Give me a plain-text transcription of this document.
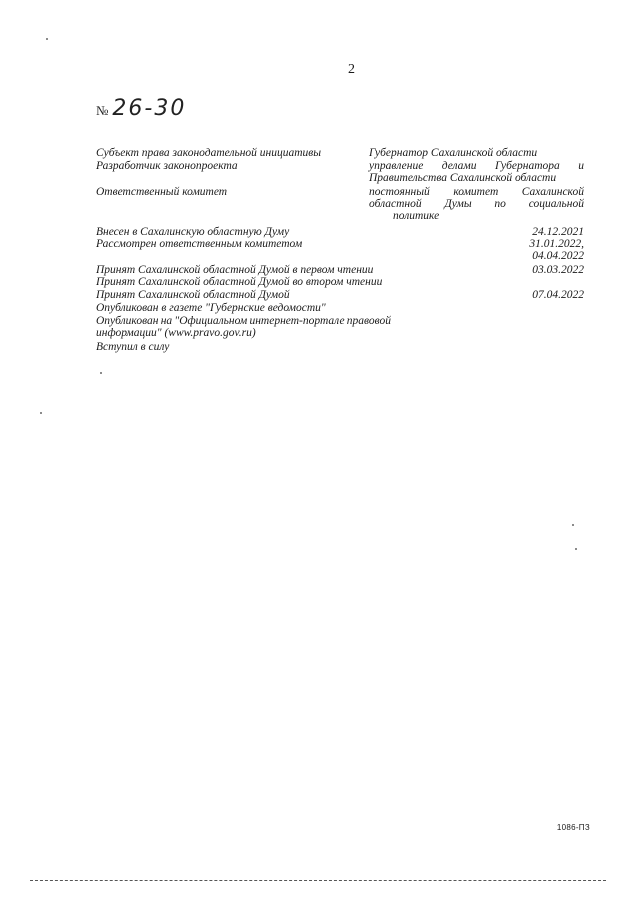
2
№ 26-30
Субъект права законодательной инициативы	Губернатор Сахалинской области
Разработчик законопроекта	управление делами Губернатора и
Правительства Сахалинской области
Ответственный комитет	постоянный комитет Сахалинской
областной Думы по социальной
политике
Внесен в Сахалинскую областную Думу	24.12.2021
Рассмотрен ответственным комитетом	31.01.2022,
04.04.2022
Принят Сахалинской областной Думой в первом чтении	03.03.2022
Принят Сахалинской областной Думой во втором чтении
Принят Сахалинской областной Думой	07.04.2022
Опубликован в газете "Губернские ведомости"
Опубликован на "Официальном интернет-портале правовой
информации" (www.pravo.gov.ru)
Вступил в силу
1086-ПЗ
